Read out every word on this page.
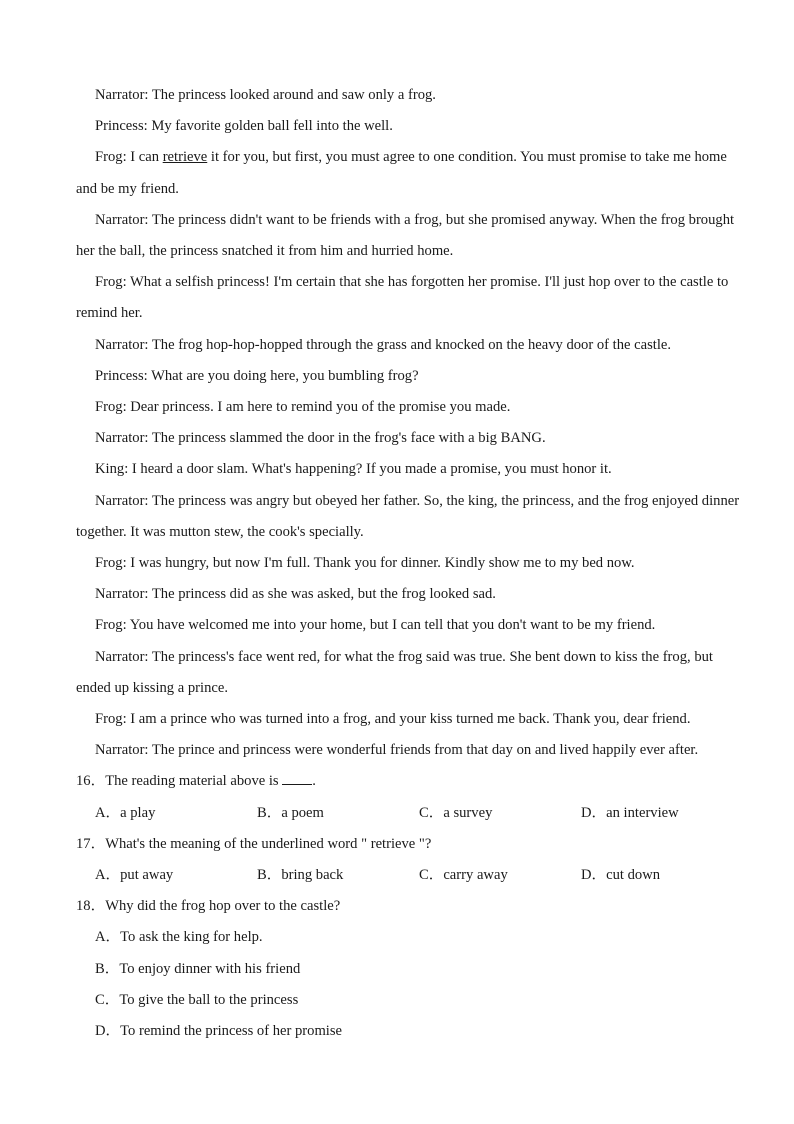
Narrator: The princess looked around and saw only a frog.

Princess: My favorite golden ball fell into the well.

Frog: I can retrieve it for you, but first, you must agree to one condition. You must promise to take me home and be my friend.

Narrator: The princess didn't want to be friends with a frog, but she promised anyway. When the frog brought her the ball, the princess snatched it from him and hurried home.

Frog: What a selfish princess! I'm certain that she has forgotten her promise. I'll just hop over to the castle to remind her.

Narrator: The frog hop-hop-hopped through the grass and knocked on the heavy door of the castle.

Princess: What are you doing here, you bumbling frog?

Frog: Dear princess. I am here to remind you of the promise you made.

Narrator: The princess slammed the door in the frog's face with a big BANG.

King: I heard a door slam. What's happening? If you made a promise, you must honor it.

Narrator: The princess was angry but obeyed her father. So, the king, the princess, and the frog enjoyed dinner together. It was mutton stew, the cook's specially.

Frog: I was hungry, but now I'm full. Thank you for dinner. Kindly show me to my bed now.

Narrator: The princess did as she was asked, but the frog looked sad.

Frog: You have welcomed me into your home, but I can tell that you don't want to be my friend.

Narrator: The princess's face went red, for what the frog said was true. She bent down to kiss the frog, but ended up kissing a prince.

Frog: I am a prince who was turned into a frog, and your kiss turned me back. Thank you, dear friend.

Narrator: The prince and princess were wonderful friends from that day on and lived happily ever after.

16．The reading material above is .

A．a play	B．a poem	C．a survey	D．an interview

17．What's the meaning of the underlined word " retrieve "?

A．put away	B．bring back	C．carry away	D．cut down

18．Why did the frog hop over to the castle?

A．To ask the king for help.

B．To enjoy dinner with his friend

C．To give the ball to the princess

D．To remind the princess of her promise
